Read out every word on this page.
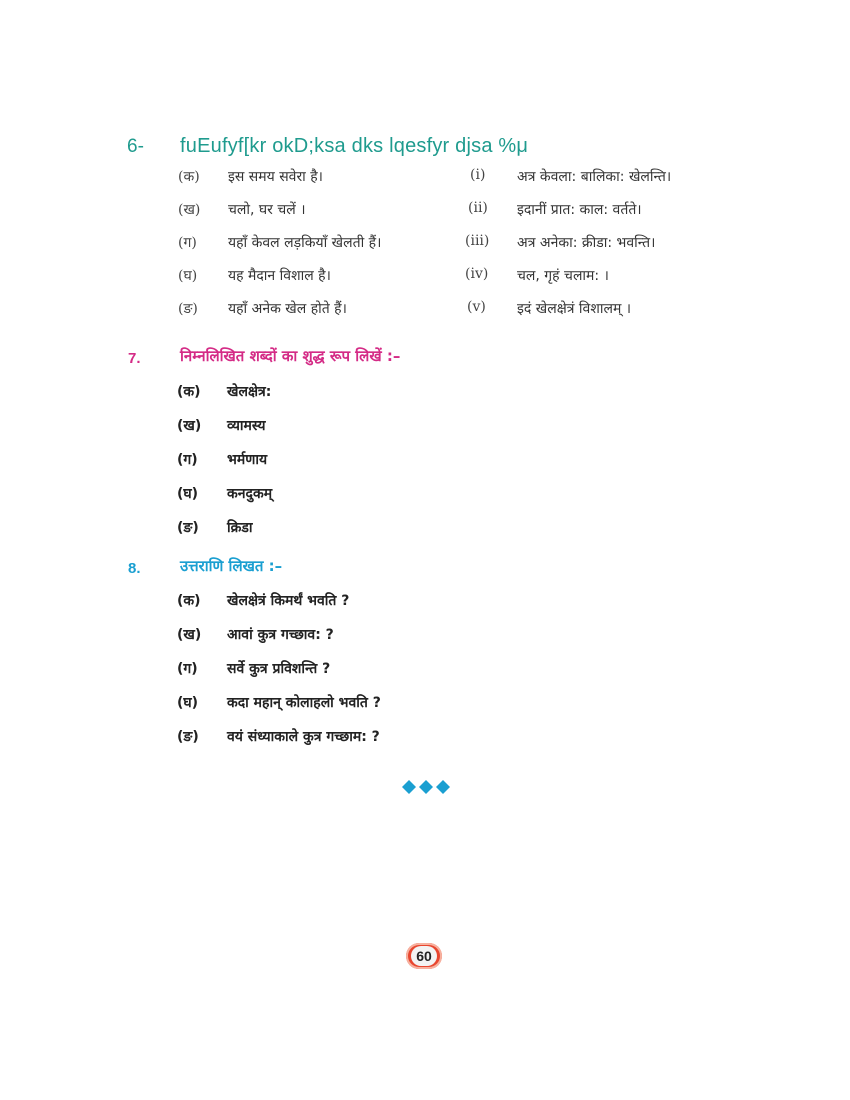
6- fuEufyf[kr okD;ksa dks lqesfyr djsa %μ
(क) इस समय सवेरा है।	(i) अत्र केवला: बालिका: खेलन्ति।
(ख) चलो, घर चलें ।	(ii) इदानीं प्रात: काल: वर्तते।
(ग) यहाँ केवल लड़कियाँ खेलती हैं।	(iii) अत्र अनेका: क्रीडा: भवन्ति।
(घ) यह मैदान विशाल है।	(iv) चल, गृहं चलाम: ।
(ङ) यहाँ अनेक खेल होते हैं।	(v) इदं खेलक्षेत्रं विशालम् ।
7.	निम्नलिखित शब्दों का शुद्ध रूप लिखें :–
(क) खेलक्षेत्र:
(ख) व्यामस्य
(ग) भर्मणाय
(घ) कनदुकम्
(ङ) क्रिडा
8.	उत्तराणि लिखत :–
(क) खेलक्षेत्रं किमर्थं भवति ?
(ख) आवां कुत्र गच्छाव: ?
(ग) सर्वे कुत्र प्रविशन्ति ?
(घ) कदा महान् कोलाहलो भवति ?
(ङ) वयं संध्याकाले कुत्र गच्छाम: ?
60
